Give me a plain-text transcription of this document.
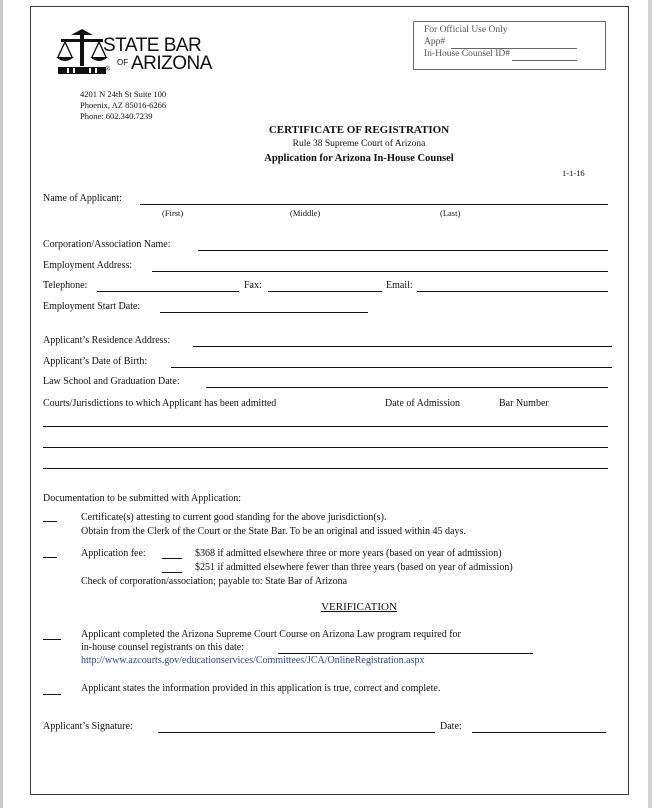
STATE BAR
OF ARIZONA
®
4201 N 24th St Suite 100
Phoenix, AZ 85016-6266
Phone: 602.340.7239
For Official Use Only
App#
In-House Counsel ID#
CERTIFICATE OF REGISTRATION
Rule 38 Supreme Court of Arizona
Application for Arizona In-House Counsel
1-1-16
Name of Applicant:
(First)	(Middle)	(Last)
Corporation/Association Name:
Employment Address:
Telephone:	Fax:	Email:
Employment Start Date:
Applicant’s Residence Address:
Applicant’s Date of Birth:
Law School and Graduation Date:
Courts/Jurisdictions to which Applicant has been admitted	Date of Admission	Bar Number
Documentation to be submitted with Application:
Certificate(s) attesting to current good standing for the above jurisdiction(s).
Obtain from the Clerk of the Court or the State Bar. To be an original and issued within 45 days.
Application fee:	$368 if admitted elsewhere three or more years (based on year of admission)
$251 if admitted elsewhere fewer than three years (based on year of admission)
Check of corporation/association; payable to: State Bar of Arizona
VERIFICATION
Applicant completed the Arizona Supreme Court Course on Arizona Law program required for
in-house counsel registrants on this date:
http://www.azcourts.gov/educationservices/Committees/JCA/OnlineRegistration.aspx
Applicant states the information provided in this application is true, correct and complete.
Applicant’s Signature:	Date:
